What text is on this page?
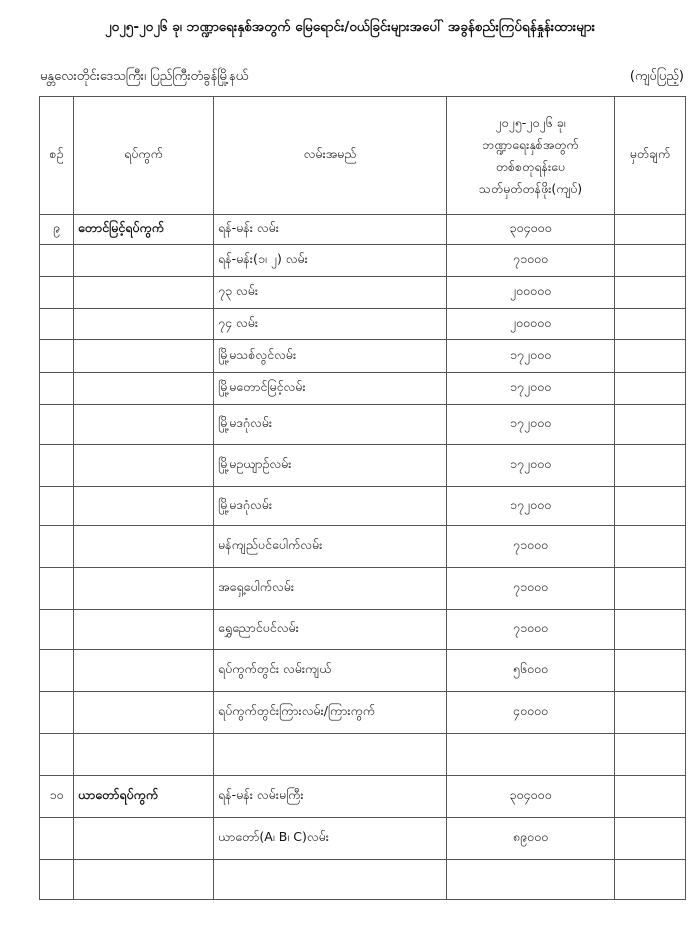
၂၀၂၅-၂၀၂၆ ခု၊ ဘဏ္ဍာရေးနှစ်အတွက် မြေရောင်း/ဝယ်ခြင်းများအပေါ် အခွန်စည်းကြပ်ရန်နှုန်းထားများ
မန္တလေးတိုင်းဒေသကြီး၊ ပြည်ကြီးတံခွန်မြို့နယ်	(ကျပ်ပြည့်)
စဉ်	ရပ်ကွက်	လမ်းအမည်	၂၀၂၅-၂၀၂၆ ခု၊
ဘဏ္ဍာရေးနှစ်အတွက်
တစ်စတုရန်းပေ
သတ်မှတ်တန်ဖိုး(ကျပ်)	မှတ်ချက်
၉	တောင်မြင့်ရပ်ကွက်	ရန်-မန်း လမ်း	၃၀၄၀၀၀	
		ရန်-မန်း(၁၊ ၂) လမ်း	၇၁၀၀၀	
		၇၃ လမ်း	၂၀၀၀၀၀	
		၇၄ လမ်း	၂၀၀၀၀၀	
		မြို့မသစ်လွင်လမ်း	၁၇၂၀၀၀	
		မြို့မတောင်မြင့်လမ်း	၁၇၂၀၀၀	
		မြို့မဒဂုံလမ်း	၁၇၂၀၀၀	
		မြို့မဥယျာဉ်လမ်း	၁၇၂၀၀၀	
		မြို့မဒဂုံလမ်း	၁၇၂၀၀၀	
		မန်ကျည်ပင်ပေါက်လမ်း	၇၁၀၀၀	
		အရှေ့ပေါက်လမ်း	၇၁၀၀၀	
		ရွှေညောင်ပင်လမ်း	၇၁၀၀၀	
		ရပ်ကွက်တွင်း လမ်းကျယ်	၅၆၀၀၀	
		ရပ်ကွက်တွင်းကြားလမ်း/ကြားကွက်	၄၀၀၀၀	

၁၀	ယာတော်ရပ်ကွက်	ရန်-မန်း လမ်းမကြီး	၃၀၄၀၀၀	
		ယာတော်(A၊ B၊ C)လမ်း	၈၉၀၀၀	
